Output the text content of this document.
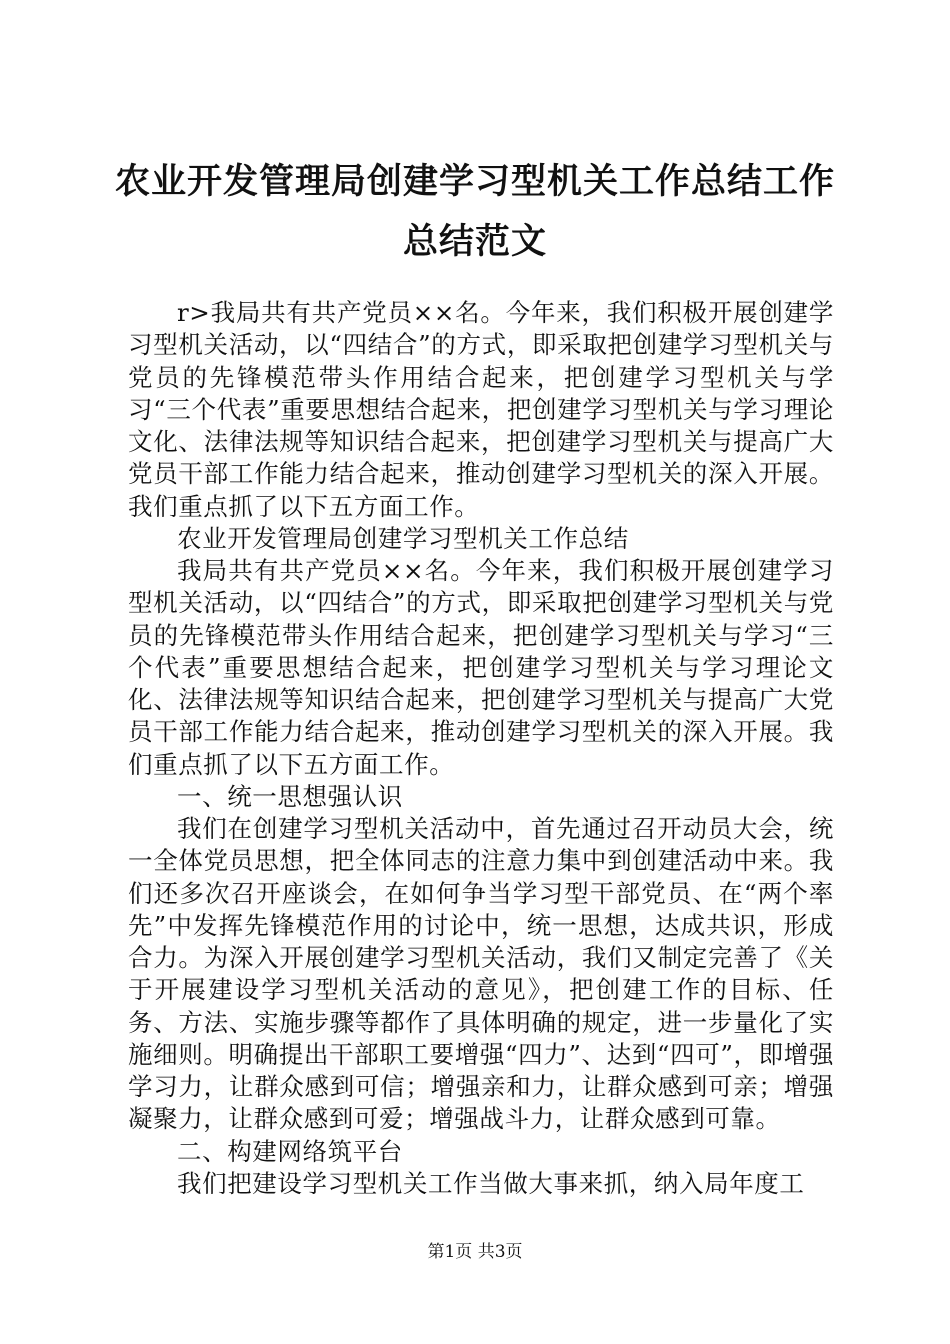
农业开发管理局创建学习型机关工作总结工作
总结范文

r>我局共有共产党员××名。今年来，我们积极开展创建学习型机关活动，以“四结合”的方式，即采取把创建学习型机关与党员的先锋模范带头作用结合起来，把创建学习型机关与学习“三个代表”重要思想结合起来，把创建学习型机关与学习理论文化、法律法规等知识结合起来，把创建学习型机关与提高广大党员干部工作能力结合起来，推动创建学习型机关的深入开展。我们重点抓了以下五方面工作。

农业开发管理局创建学习型机关工作总结

我局共有共产党员××名。今年来，我们积极开展创建学习型机关活动，以“四结合”的方式，即采取把创建学习型机关与党员的先锋模范带头作用结合起来，把创建学习型机关与学习“三个代表”重要思想结合起来，把创建学习型机关与学习理论文化、法律法规等知识结合起来，把创建学习型机关与提高广大党员干部工作能力结合起来，推动创建学习型机关的深入开展。我们重点抓了以下五方面工作。

一、统一思想强认识

我们在创建学习型机关活动中，首先通过召开动员大会，统一全体党员思想，把全体同志的注意力集中到创建活动中来。我们还多次召开座谈会，在如何争当学习型干部党员、在“两个率先”中发挥先锋模范作用的讨论中，统一思想，达成共识，形成合力。为深入开展创建学习型机关活动，我们又制定完善了《关于开展建设学习型机关活动的意见》，把创建工作的目标、任务、方法、实施步骤等都作了具体明确的规定，进一步量化了实施细则。明确提出干部职工要增强“四力”、达到“四可”，即增强学习力，让群众感到可信；增强亲和力，让群众感到可亲；增强凝聚力，让群众感到可爱；增强战斗力，让群众感到可靠。

二、构建网络筑平台

我们把建设学习型机关工作当做大事来抓，纳入局年度工

第1页 共3页
